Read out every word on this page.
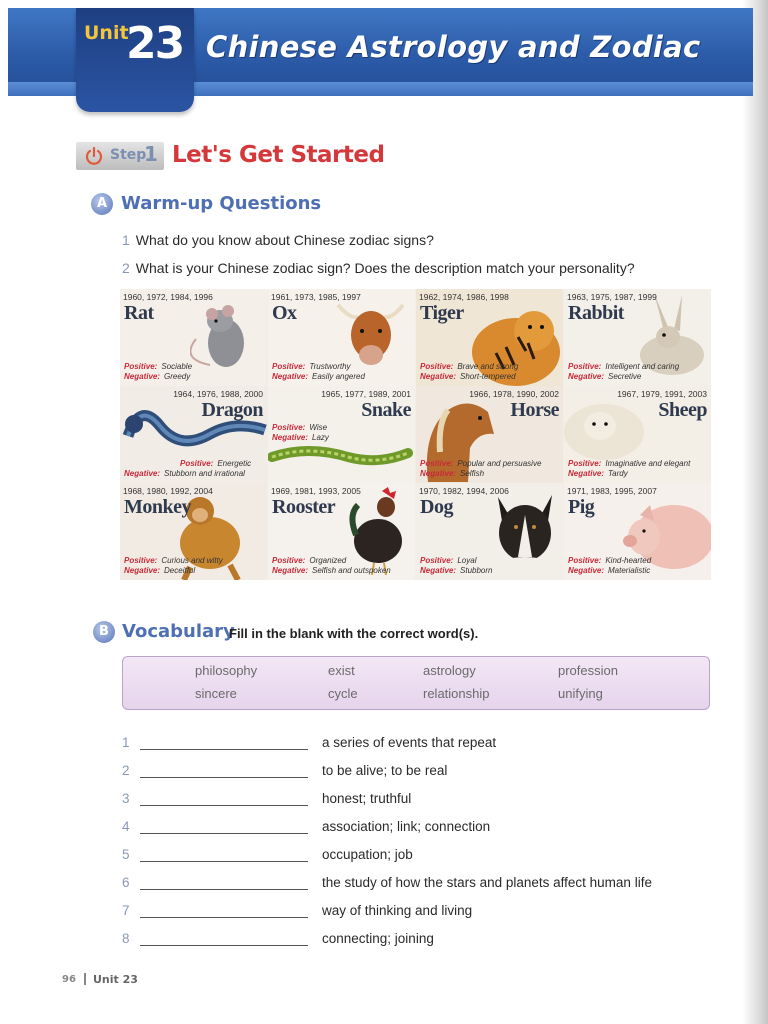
Unit
23 Chinese Astrology and Zodiac
Step
1 Let's Get Started
A Warm-up Questions
1 What do you know about Chinese zodiac signs?
2 What is your Chinese zodiac sign? Does the description match your personality?
1960, 1972, 1984, 1996
Rat
Positive: Sociable
Negative: Greedy
1961, 1973, 1985, 1997
Ox
Positive: Trustworthy
Negative: Easily angered
1962, 1974, 1986, 1998
Tiger
Positive: Brave and strong
Negative: Short-tempered
1963, 1975, 1987, 1999
Rabbit
Positive: Intelligent and caring
Negative: Secretive
1964, 1976, 1988, 2000
Dragon
Positive: Energetic
Negative: Stubborn and irrational
1965, 1977, 1989, 2001
Snake
Positive: Wise
Negative: Lazy
1966, 1978, 1990, 2002
Horse
Positive: Popular and persuasive
Negative: Selfish
1967, 1979, 1991, 2003
Sheep
Positive: Imaginative and elegant
Negative: Tardy
1968, 1980, 1992, 2004
Monkey
Positive: Curious and witty
Negative: Deceitful
1969, 1981, 1993, 2005
Rooster
Positive: Organized
Negative: Selfish and outspoken
1970, 1982, 1994, 2006
Dog
Positive: Loyal
Negative: Stubborn
1971, 1983, 1995, 2007
Pig
Positive: Kind-hearted
Negative: Materialistic
B Vocabulary
Fill in the blank with the correct word(s).
philosophy	exist	astrology	profession
sincere	cycle	relationship	unifying
1	a series of events that repeat
2	to be alive; to be real
3	honest; truthful
4	association; link; connection
5	occupation; job
6	the study of how the stars and planets affect human life
7	way of thinking and living
8	connecting; joining
96 Unit 23
